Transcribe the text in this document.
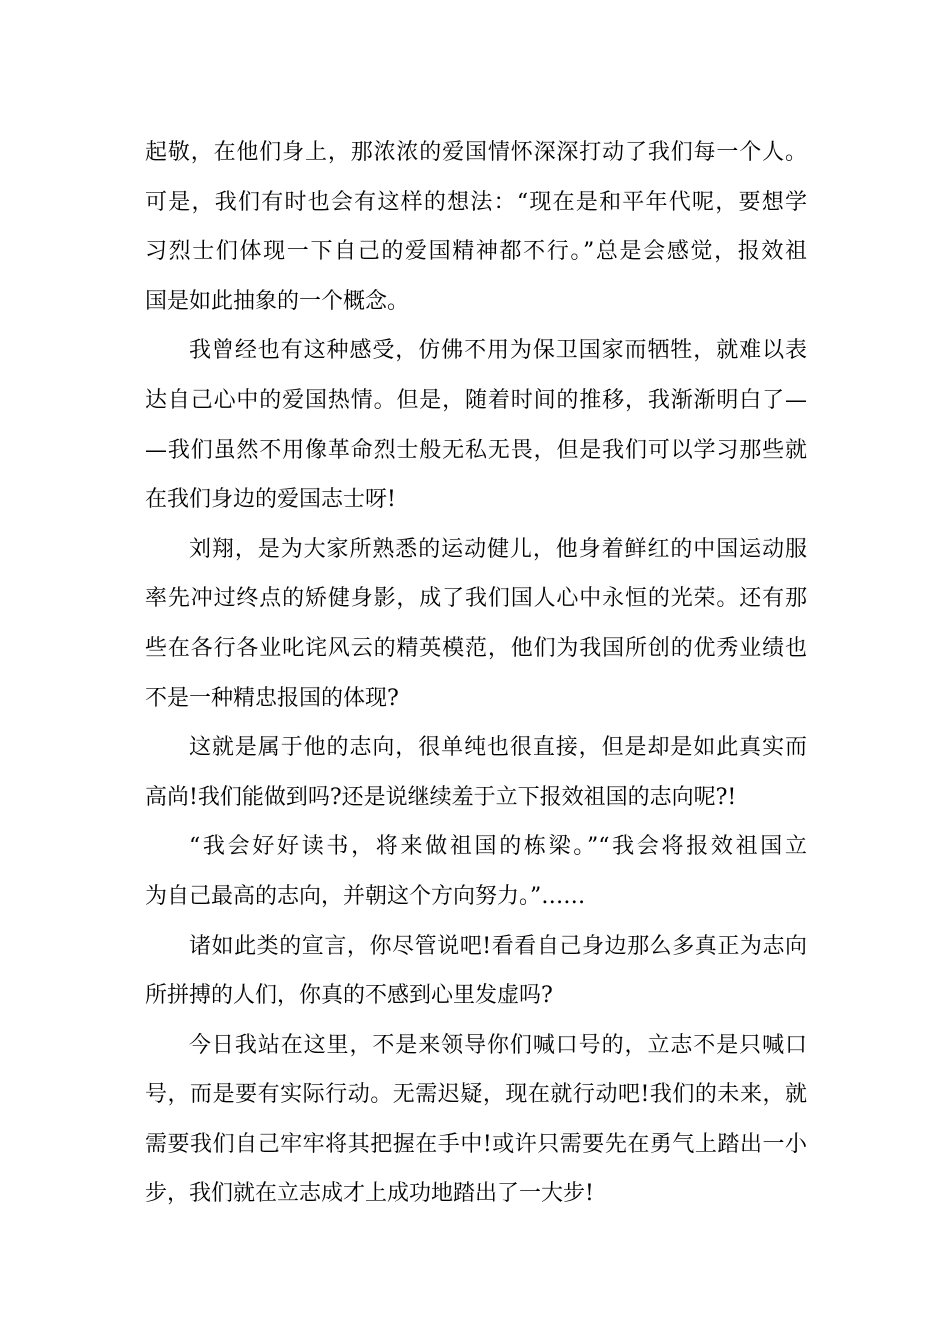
起敬，在他们身上，那浓浓的爱国情怀深深打动了我们每一个人。
可是，我们有时也会有这样的想法：“现在是和平年代呢，要想学
习烈士们体现一下自己的爱国精神都不行。”总是会感觉，报效祖
国是如此抽象的一个概念。
我曾经也有这种感受，仿佛不用为保卫国家而牺牲，就难以表
达自己心中的爱国热情。但是，随着时间的推移，我渐渐明白了—
—我们虽然不用像革命烈士般无私无畏，但是我们可以学习那些就
在我们身边的爱国志士呀!
刘翔，是为大家所熟悉的运动健儿，他身着鲜红的中国运动服
率先冲过终点的矫健身影，成了我们国人心中永恒的光荣。还有那
些在各行各业叱诧风云的精英模范，他们为我国所创的优秀业绩也
不是一种精忠报国的体现?
这就是属于他的志向，很单纯也很直接，但是却是如此真实而
高尚!我们能做到吗?还是说继续羞于立下报效祖国的志向呢?!
“我会好好读书，将来做祖国的栋梁。”“我会将报效祖国立
为自己最高的志向，并朝这个方向努力。”……
诸如此类的宣言，你尽管说吧!看看自己身边那么多真正为志向
所拼搏的人们，你真的不感到心里发虚吗?
今日我站在这里，不是来领导你们喊口号的，立志不是只喊口
号，而是要有实际行动。无需迟疑，现在就行动吧!我们的未来，就
需要我们自己牢牢将其把握在手中!或许只需要先在勇气上踏出一小
步，我们就在立志成才上成功地踏出了一大步!
